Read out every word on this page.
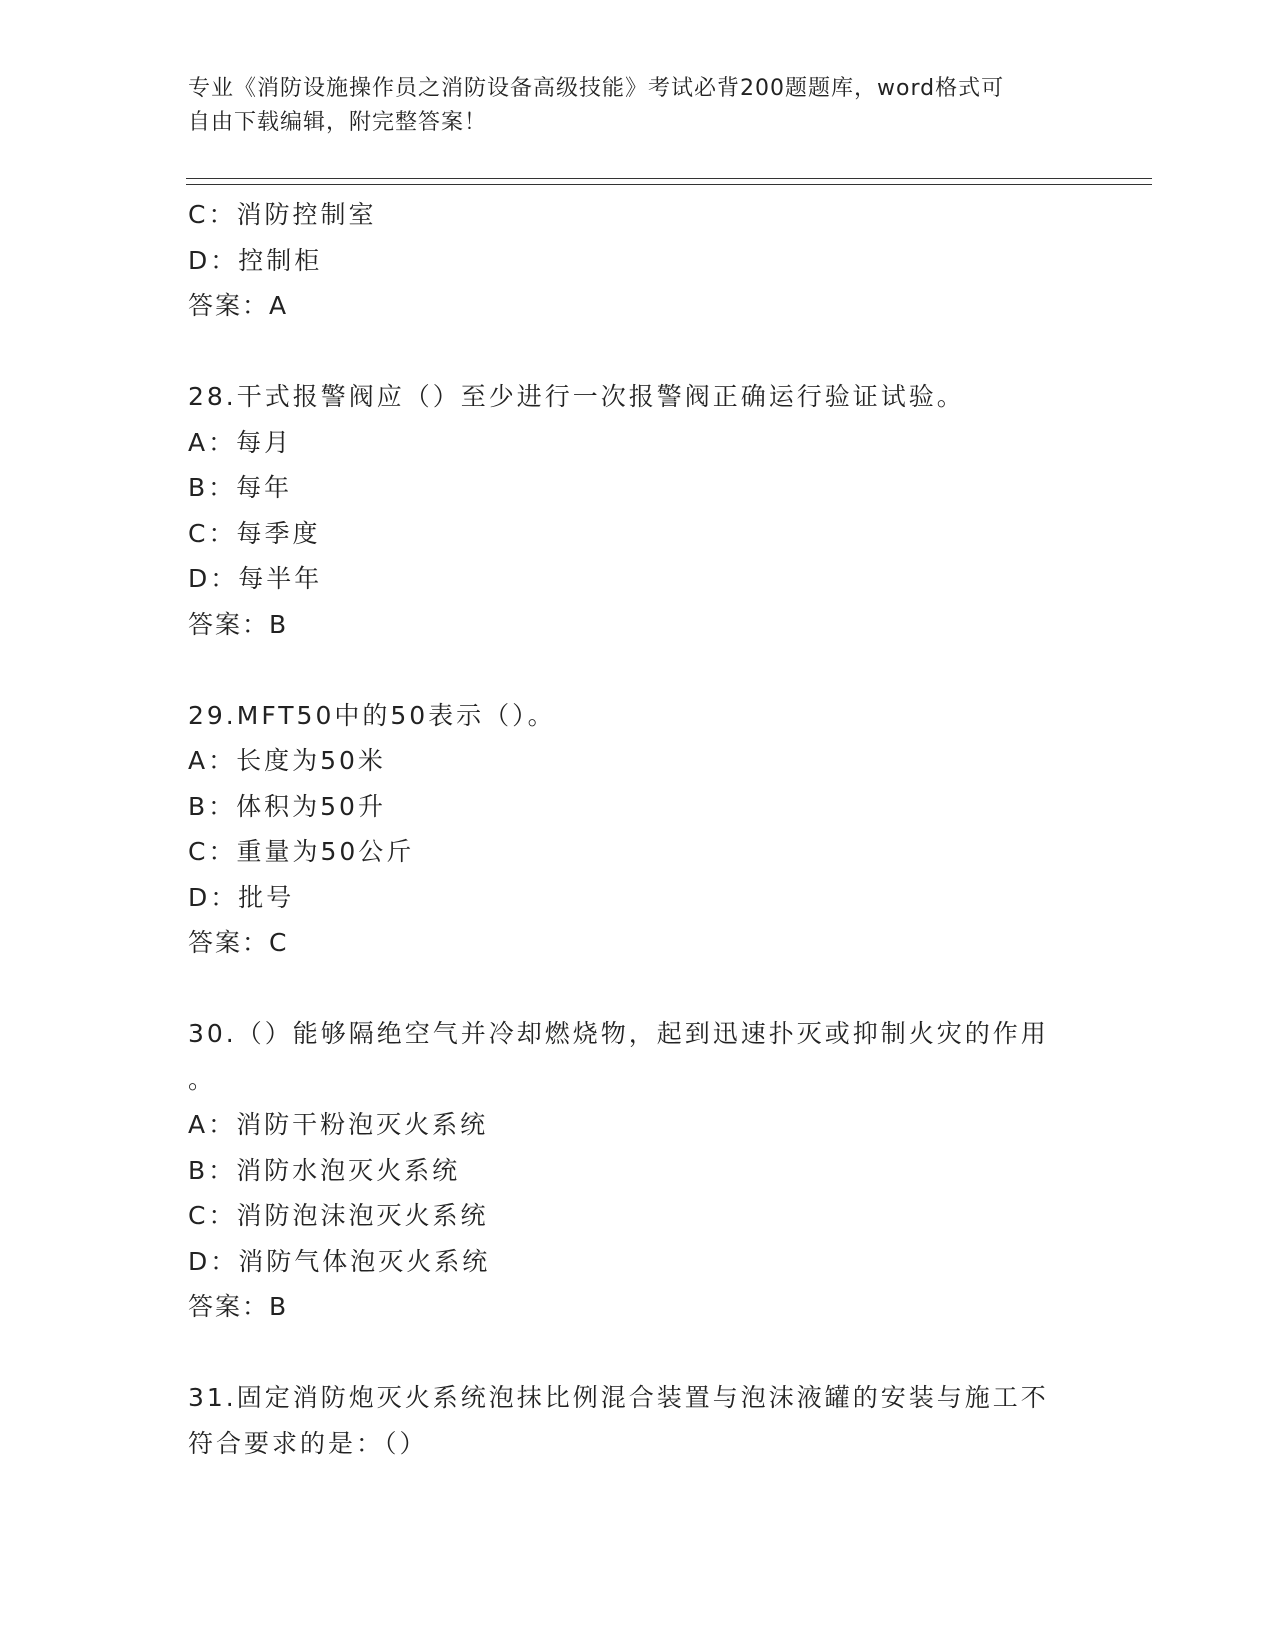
专业《消防设施操作员之消防设备高级技能》考试必背200题题库，word格式可
自由下载编辑，附完整答案！
C：消防控制室
D：控制柜
答案：A
28.干式报警阀应（）至少进行一次报警阀正确运行验证试验。
A：每月
B：每年
C：每季度
D：每半年
答案：B
29.MFT50中的50表示（）。
A：长度为50米
B：体积为50升
C：重量为50公斤
D：批号
答案：C
30.（）能够隔绝空气并冷却燃烧物，起到迅速扑灭或抑制火灾的作用
。
A：消防干粉泡灭火系统
B：消防水泡灭火系统
C：消防泡沫泡灭火系统
D：消防气体泡灭火系统
答案：B
31.固定消防炮灭火系统泡抹比例混合装置与泡沫液罐的安装与施工不
符合要求的是：（）
